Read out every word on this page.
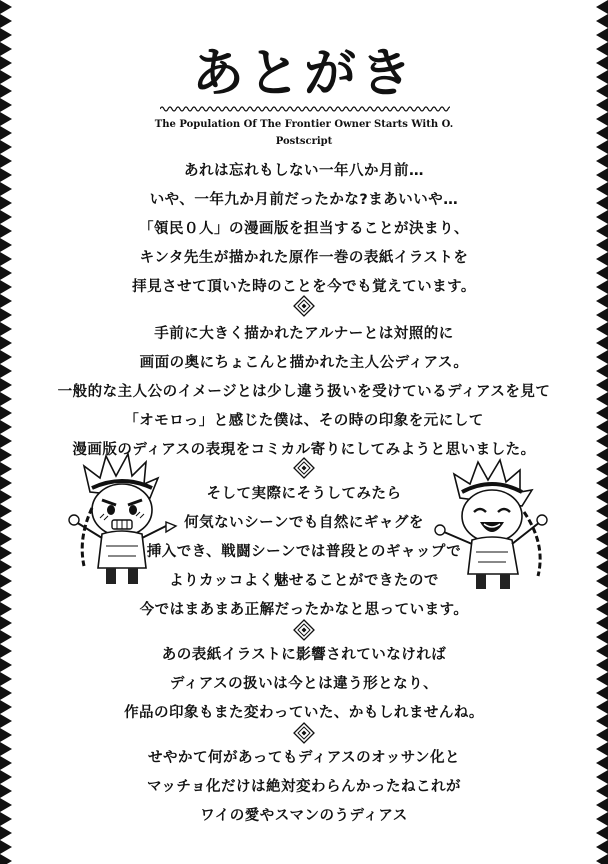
あとがき
The Population Of The Frontier Owner Starts With O.
Postscript
あれは忘れもしない一年八か月前…
いや、一年九か月前だったかな?まあいいや…
「領民０人」の漫画版を担当することが決まり、
キンタ先生が描かれた原作一巻の表紙イラストを
拝見させて頂いた時のことを今でも覚えています。
手前に大きく描かれたアルナーとは対照的に
画面の奥にちょこんと描かれた主人公ディアス。
一般的な主人公のイメージとは少し違う扱いを受けているディアスを見て
「オモロっ」と感じた僕は、その時の印象を元にして
漫画版のディアスの表現をコミカル寄りにしてみようと思いました。
そして実際にそうしてみたら
何気ないシーンでも自然にギャグを
挿入でき、戦闘シーンでは普段とのギャップで
よりカッコよく魅せることができたので
今ではまあまあ正解だったかなと思っています。
あの表紙イラストに影響されていなければ
ディアスの扱いは今とは違う形となり、
作品の印象もまた変わっていた、かもしれませんね。
せやかて何があってもディアスのオッサン化と
マッチョ化だけは絶対変わらんかったねこれが
ワイの愛やスマンのうディアス
